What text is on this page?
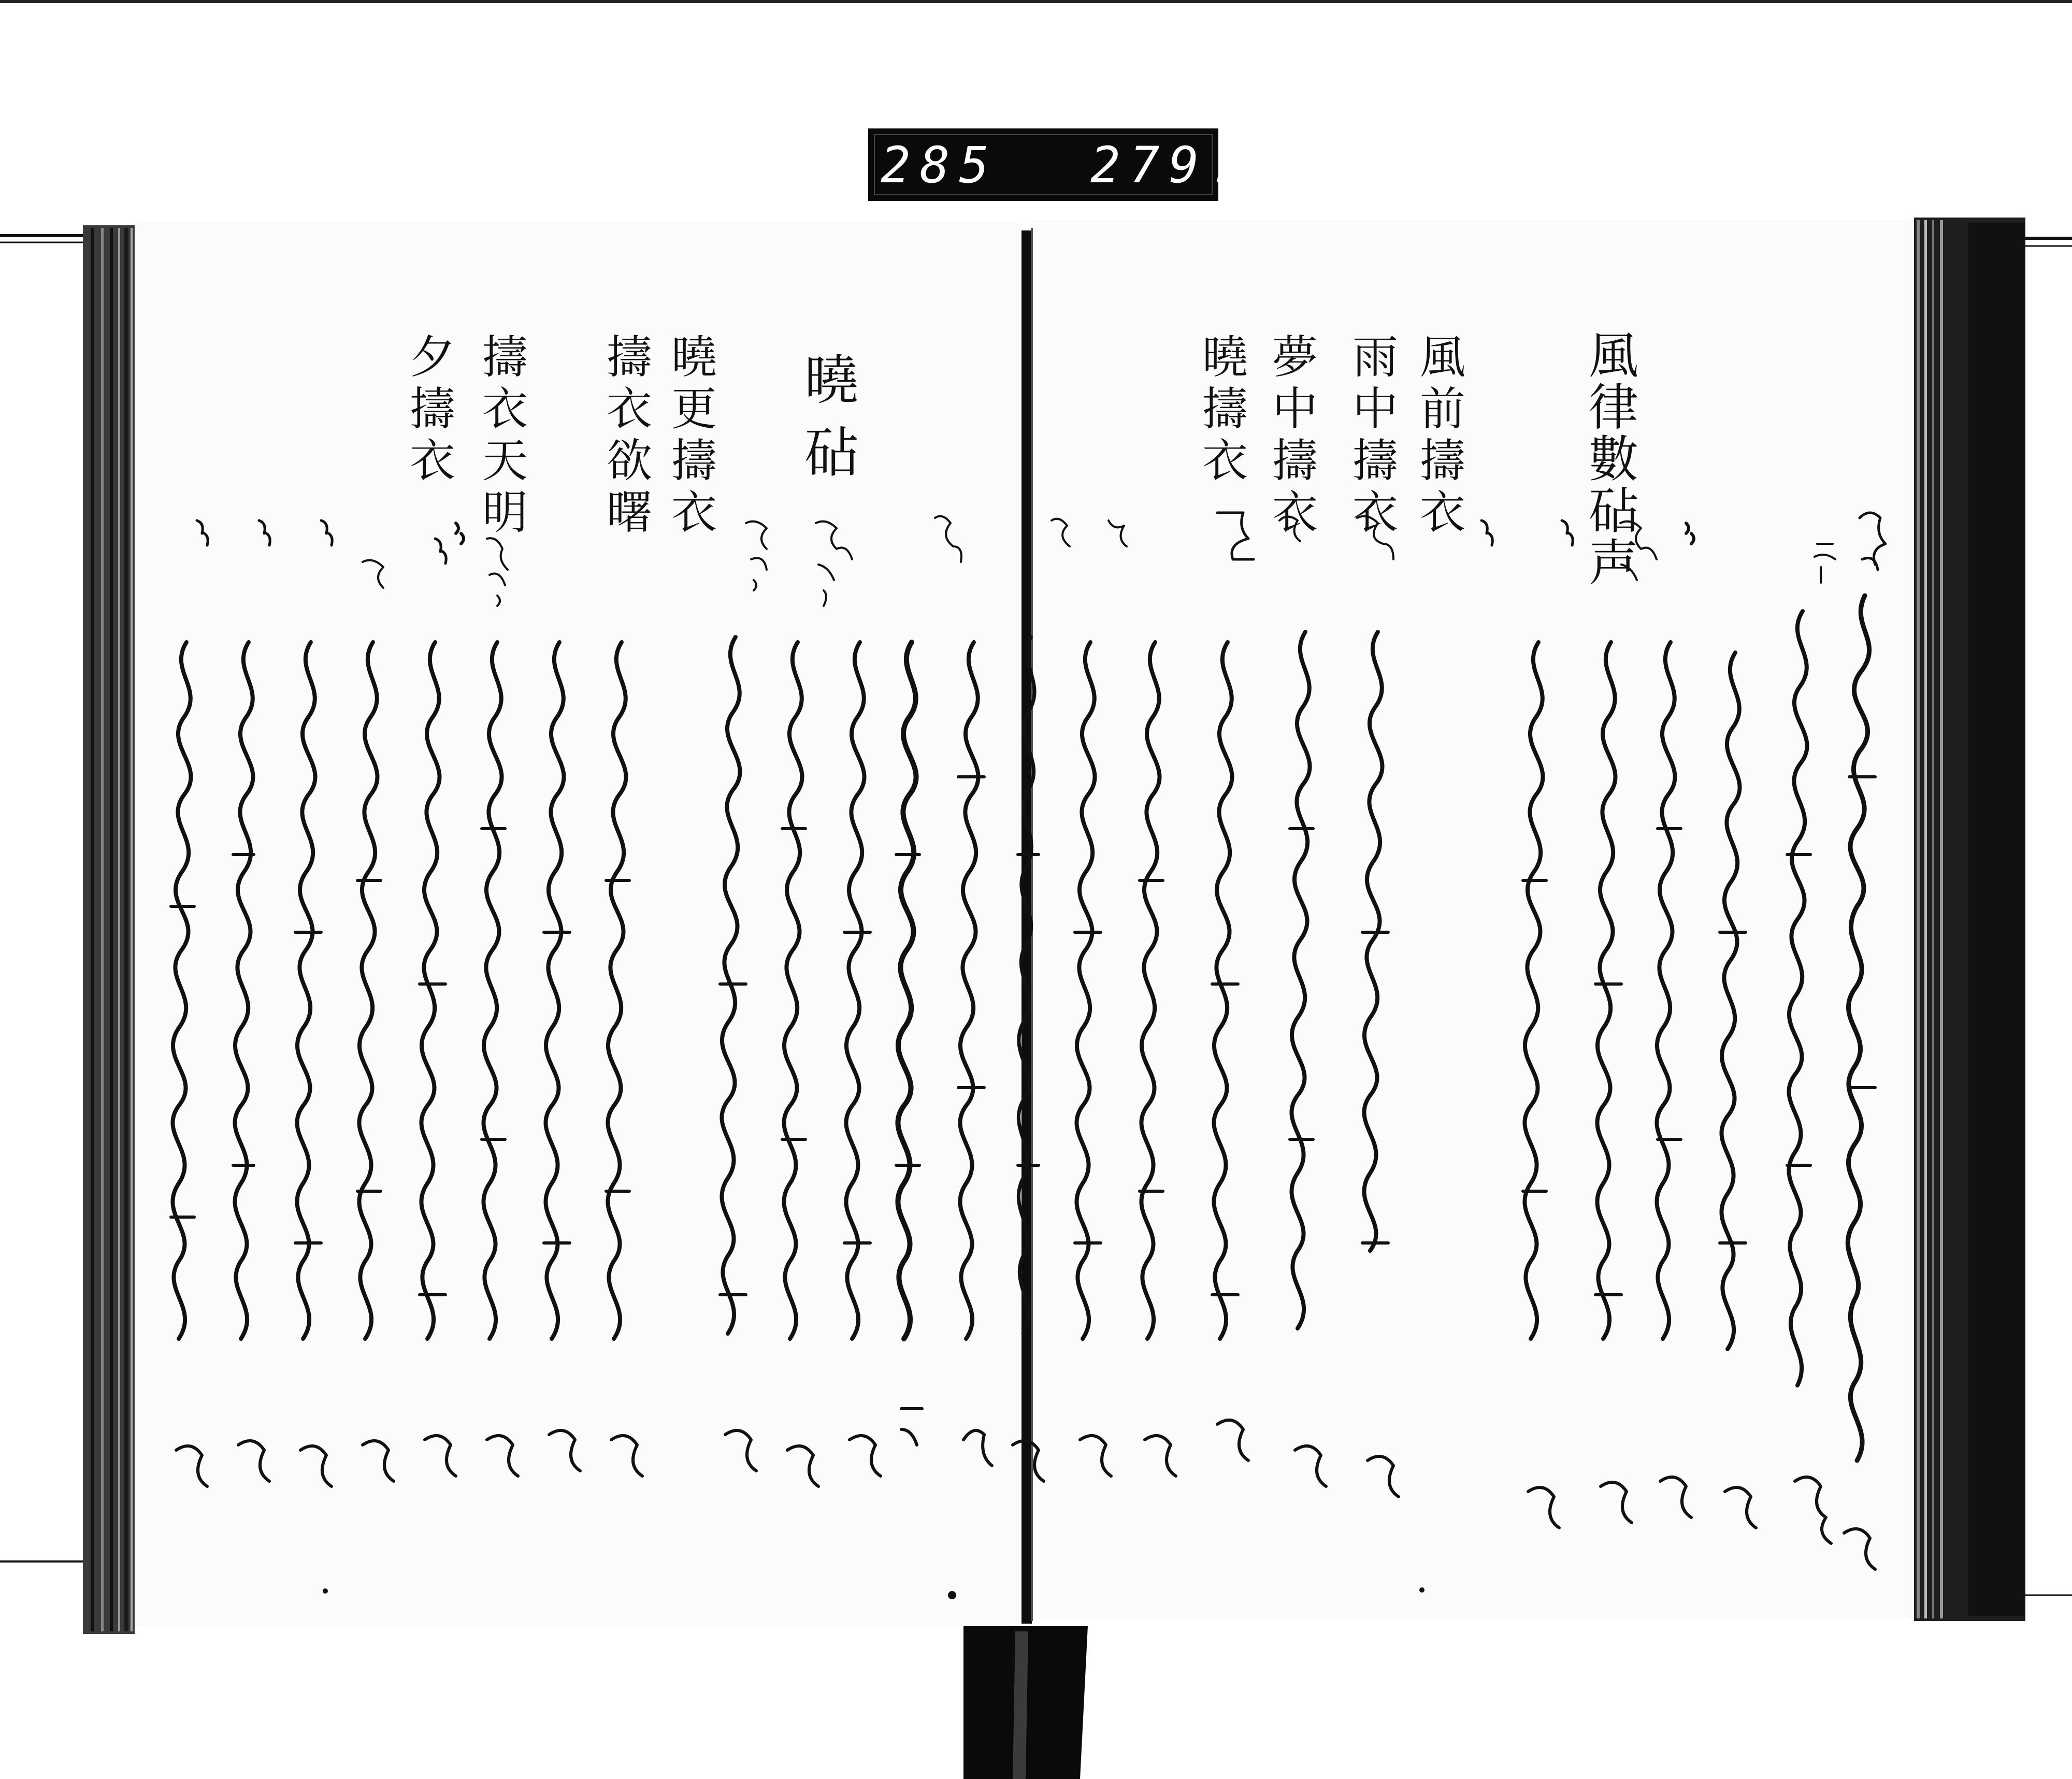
285 279.
風律數砧声
風前擣衣
雨中擣衣
夢中擣衣
曉擣衣
曉砧
曉更擣衣
擣衣欲曙
擣衣天明
夕擣衣
